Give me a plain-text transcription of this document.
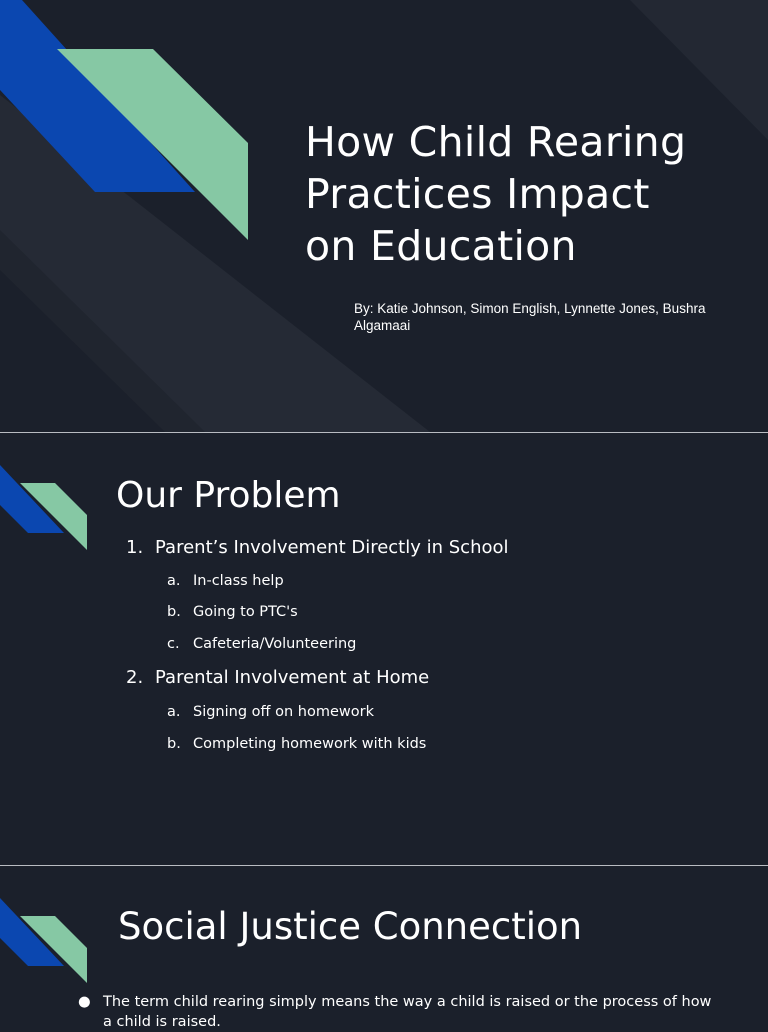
How Child Rearing
Practices Impact
on Education
By: Katie Johnson, Simon English, Lynnette Jones, Bushra
Algamaai
Our Problem
1. Parent’s Involvement Directly in School
a. In-class help
b. Going to PTC's
c. Cafeteria/Volunteering
2. Parental Involvement at Home
a. Signing off on homework
b. Completing homework with kids
Social Justice Connection
● The term child rearing simply means the way a child is raised or the process of how a child is raised.
